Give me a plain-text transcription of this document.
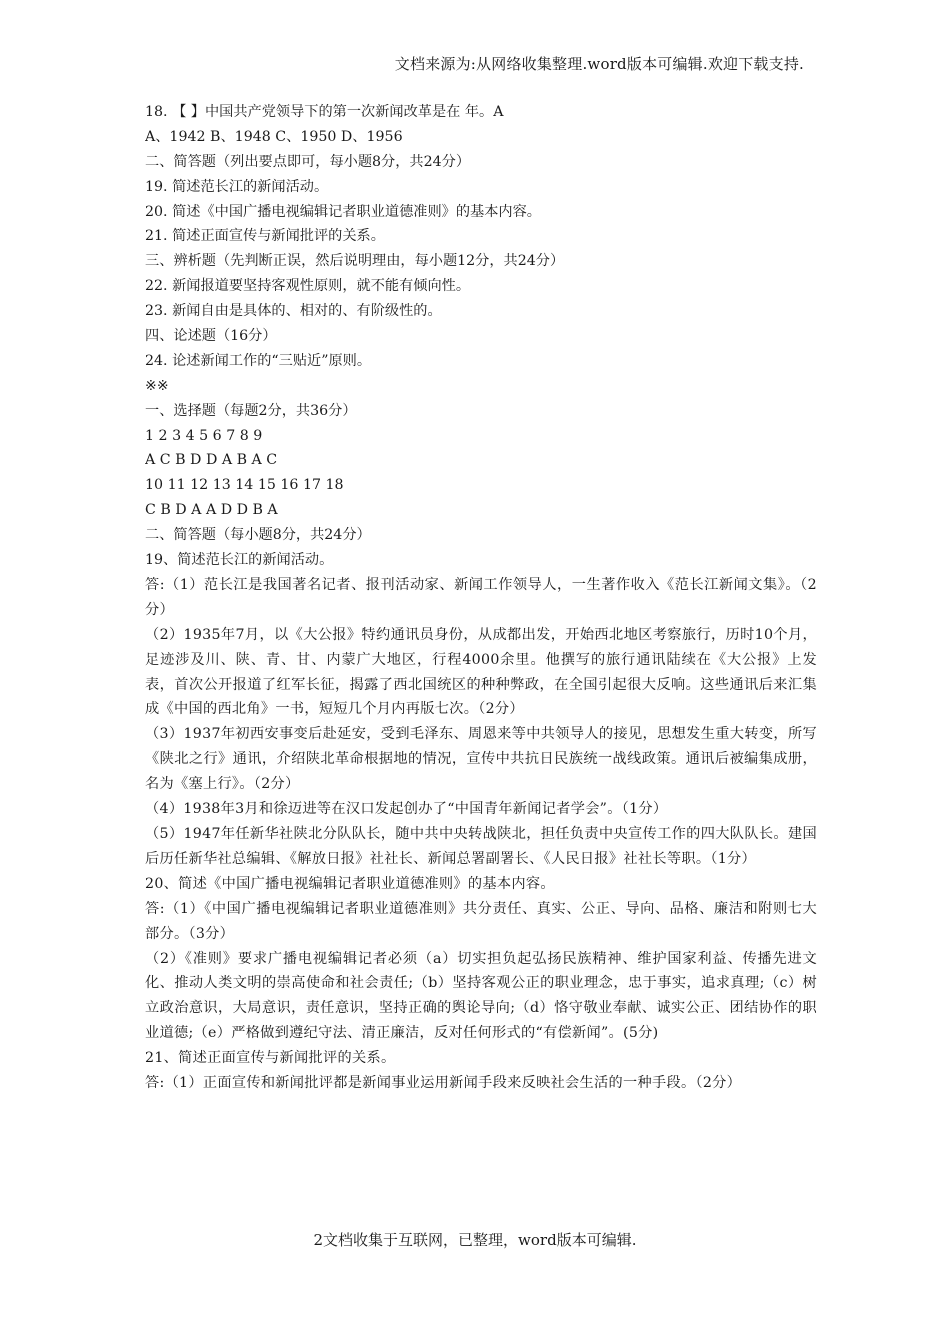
文档来源为:从网络收集整理.word版本可编辑.欢迎下载支持.
18. 【 】中国共产党领导下的第一次新闻改革是在 年。A
A、1942 B、1948 C、1950 D、1956
二、简答题（列出要点即可，每小题8分，共24分）
19. 简述范长江的新闻活动。
20. 简述《中国广播电视编辑记者职业道德准则》的基本内容。
21. 简述正面宣传与新闻批评的关系。
三、辨析题（先判断正误，然后说明理由，每小题12分，共24分）
22. 新闻报道要坚持客观性原则，就不能有倾向性。
23. 新闻自由是具体的、相对的、有阶级性的。
四、论述题（16分）
24. 论述新闻工作的“三贴近”原则。
※※
一、选择题（每题2分，共36分）
1 2 3 4 5 6 7 8 9
A C B D D A B A C
10 11 12 13 14 15 16 17 18
C B D A A D D B A
二、简答题（每小题8分，共24分）
19、简述范长江的新闻活动。
答:（1）范长江是我国著名记者、报刊活动家、新闻工作领导人，一生著作收入《范长江新闻文集》。（2分）
（2）1935年7月，以《大公报》特约通讯员身份，从成都出发，开始西北地区考察旅行，历时10个月，足迹涉及川、陕、青、甘、内蒙广大地区，行程4000余里。他撰写的旅行通讯陆续在《大公报》上发表，首次公开报道了红军长征，揭露了西北国统区的种种弊政，在全国引起很大反响。这些通讯后来汇集成《中国的西北角》一书，短短几个月内再版七次。（2分）
（3）1937年初西安事变后赴延安，受到毛泽东、周恩来等中共领导人的接见，思想发生重大转变，所写《陕北之行》通讯，介绍陕北革命根据地的情况，宣传中共抗日民族统一战线政策。通讯后被编集成册，名为《塞上行》。（2分）
（4）1938年3月和徐迈进等在汉口发起创办了“中国青年新闻记者学会”。（1分）
（5）1947年任新华社陕北分队队长，随中共中央转战陕北，担任负责中央宣传工作的四大队队长。建国后历任新华社总编辑、《解放日报》社社长、新闻总署副署长、《人民日报》社社长等职。（1分）
20、简述《中国广播电视编辑记者职业道德准则》的基本内容。
答:（1）《中国广播电视编辑记者职业道德准则》共分责任、真实、公正、导向、品格、廉洁和附则七大部分。（3分）
（2）《准则》要求广播电视编辑记者必须（a）切实担负起弘扬民族精神、维护国家利益、传播先进文化、推动人类文明的崇高使命和社会责任;（b）坚持客观公正的职业理念，忠于事实，追求真理;（c）树立政治意识，大局意识，责任意识，坚持正确的舆论导向;（d）恪守敬业奉献、诚实公正、团结协作的职业道德;（e）严格做到遵纪守法、清正廉洁，反对任何形式的“有偿新闻”。(5分)
21、简述正面宣传与新闻批评的关系。
答:（1）正面宣传和新闻批评都是新闻事业运用新闻手段来反映社会生活的一种手段。（2分）
2文档收集于互联网，已整理，word版本可编辑.
